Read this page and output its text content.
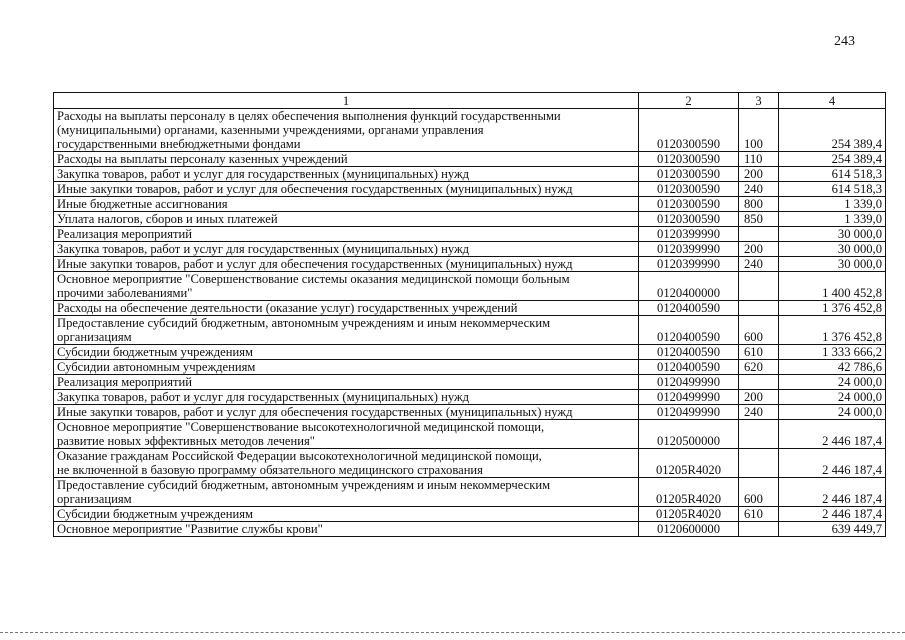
243
1	2	3	4

Расходы на выплаты персоналу в целях обеспечения выполнения функций государственными
(муниципальными) органами, казенными учреждениями, органами управления
государственными внебюджетными фондами	0120300590	100	254 389,4

Расходы на выплаты персоналу казенных учреждений	0120300590	110	254 389,4

Закупка товаров, работ и услуг для государственных (муниципальных) нужд	0120300590	200	614 518,3

Иные закупки товаров, работ и услуг для обеспечения государственных (муниципальных) нужд	0120300590	240	614 518,3

Иные бюджетные ассигнования	0120300590	800	1 339,0

Уплата налогов, сборов и иных платежей	0120300590	850	1 339,0

Реализация мероприятий	0120399990		30 000,0

Закупка товаров, работ и услуг для государственных (муниципальных) нужд	0120399990	200	30 000,0

Иные закупки товаров, работ и услуг для обеспечения государственных (муниципальных) нужд	0120399990	240	30 000,0

Основное мероприятие "Совершенствование системы оказания медицинской помощи больным
прочими заболеваниями"	0120400000		1 400 452,8

Расходы на обеспечение деятельности (оказание услуг) государственных учреждений	0120400590		1 376 452,8

Предоставление субсидий бюджетным, автономным учреждениям и иным некоммерческим
организациям	0120400590	600	1 376 452,8

Субсидии бюджетным учреждениям	0120400590	610	1 333 666,2

Субсидии автономным учреждениям	0120400590	620	42 786,6

Реализация мероприятий	0120499990		24 000,0

Закупка товаров, работ и услуг для государственных (муниципальных) нужд	0120499990	200	24 000,0

Иные закупки товаров, работ и услуг для обеспечения государственных (муниципальных) нужд	0120499990	240	24 000,0

Основное мероприятие "Совершенствование высокотехнологичной медицинской помощи,
развитие новых эффективных методов лечения"	0120500000		2 446 187,4

Оказание гражданам Российской Федерации высокотехнологичной медицинской помощи,
не включенной в базовую программу обязательного медицинского страхования	01205R4020		2 446 187,4

Предоставление субсидий бюджетным, автономным учреждениям и иным некоммерческим
организациям	01205R4020	600	2 446 187,4

Субсидии бюджетным учреждениям	01205R4020	610	2 446 187,4

Основное мероприятие "Развитие службы крови"	0120600000		639 449,7
